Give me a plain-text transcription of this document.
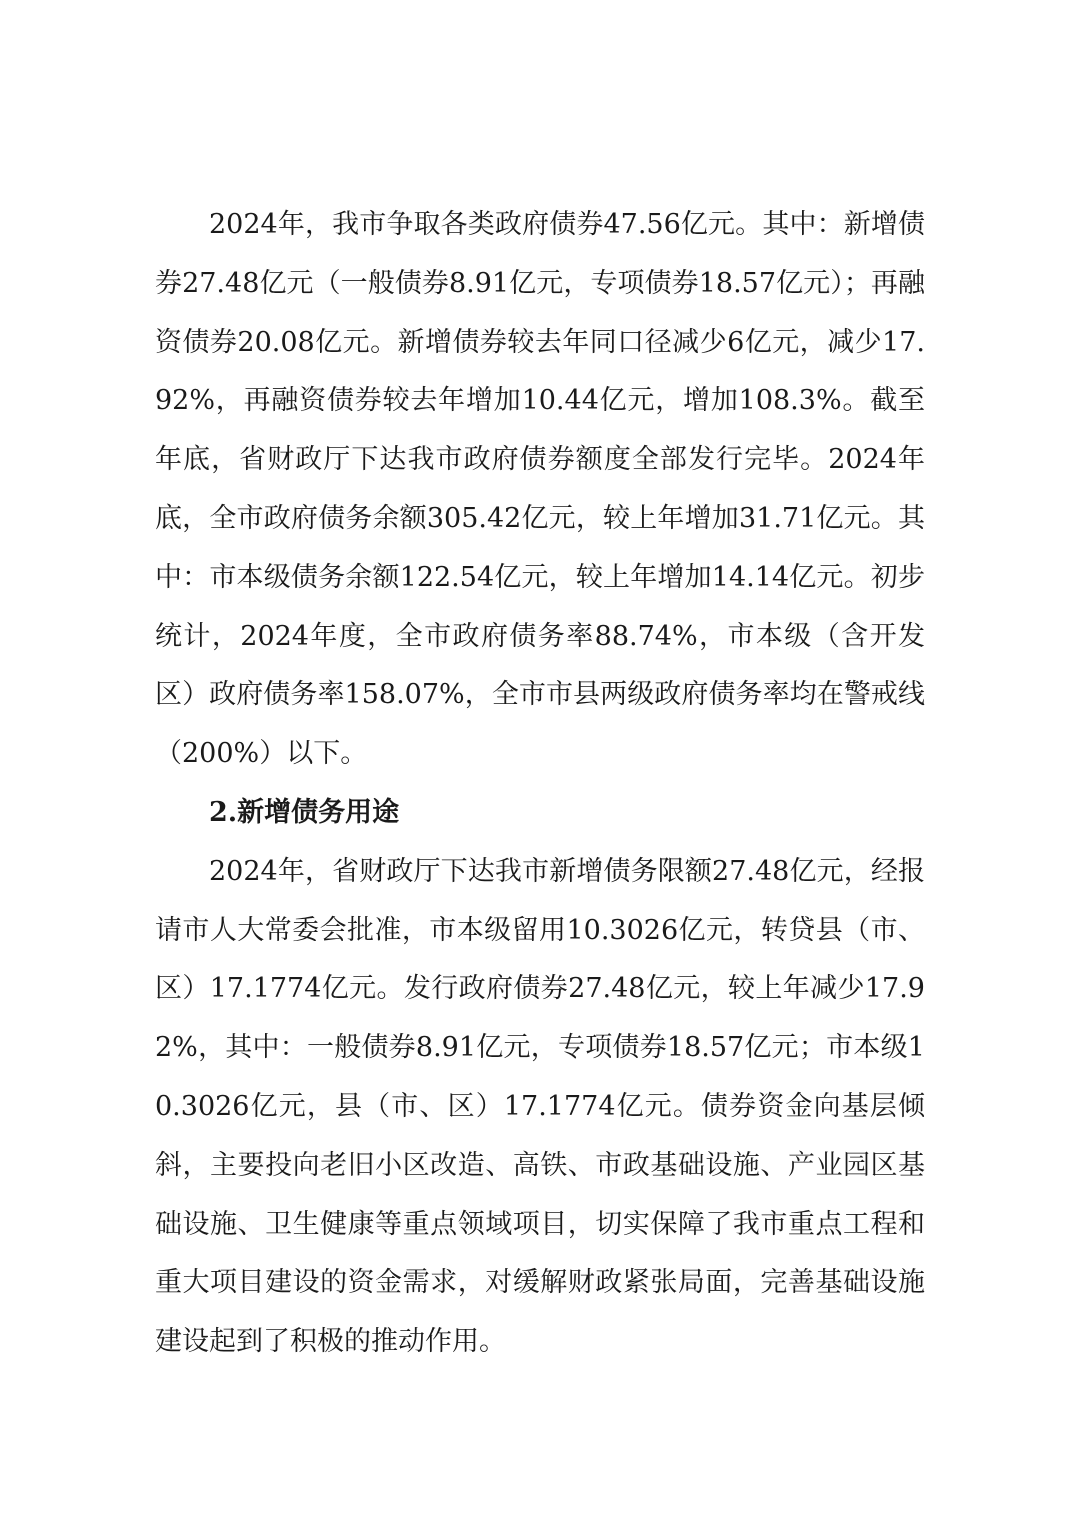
2024年，我市争取各类政府债券47.56亿元。其中：新增债券27.48亿元（一般债券8.91亿元，专项债券18.57亿元）；再融资债券20.08亿元。新增债券较去年同口径减少6亿元，减少17.92%，再融资债券较去年增加10.44亿元，增加108.3%。截至年底，省财政厅下达我市政府债券额度全部发行完毕。2024年底，全市政府债务余额305.42亿元，较上年增加31.71亿元。其中：市本级债务余额122.54亿元，较上年增加14.14亿元。初步统计，2024年度，全市政府债务率88.74%，市本级（含开发区）政府债务率158.07%，全市市县两级政府债务率均在警戒线（200%）以下。

2.新增债务用途

2024年，省财政厅下达我市新增债务限额27.48亿元，经报请市人大常委会批准，市本级留用10.3026亿元，转贷县（市、区）17.1774亿元。发行政府债券27.48亿元，较上年减少17.92%，其中：一般债券8.91亿元，专项债券18.57亿元；市本级10.3026亿元，县（市、区）17.1774亿元。债券资金向基层倾斜，主要投向老旧小区改造、高铁、市政基础设施、产业园区基础设施、卫生健康等重点领域项目，切实保障了我市重点工程和重大项目建设的资金需求，对缓解财政紧张局面，完善基础设施建设起到了积极的推动作用。
